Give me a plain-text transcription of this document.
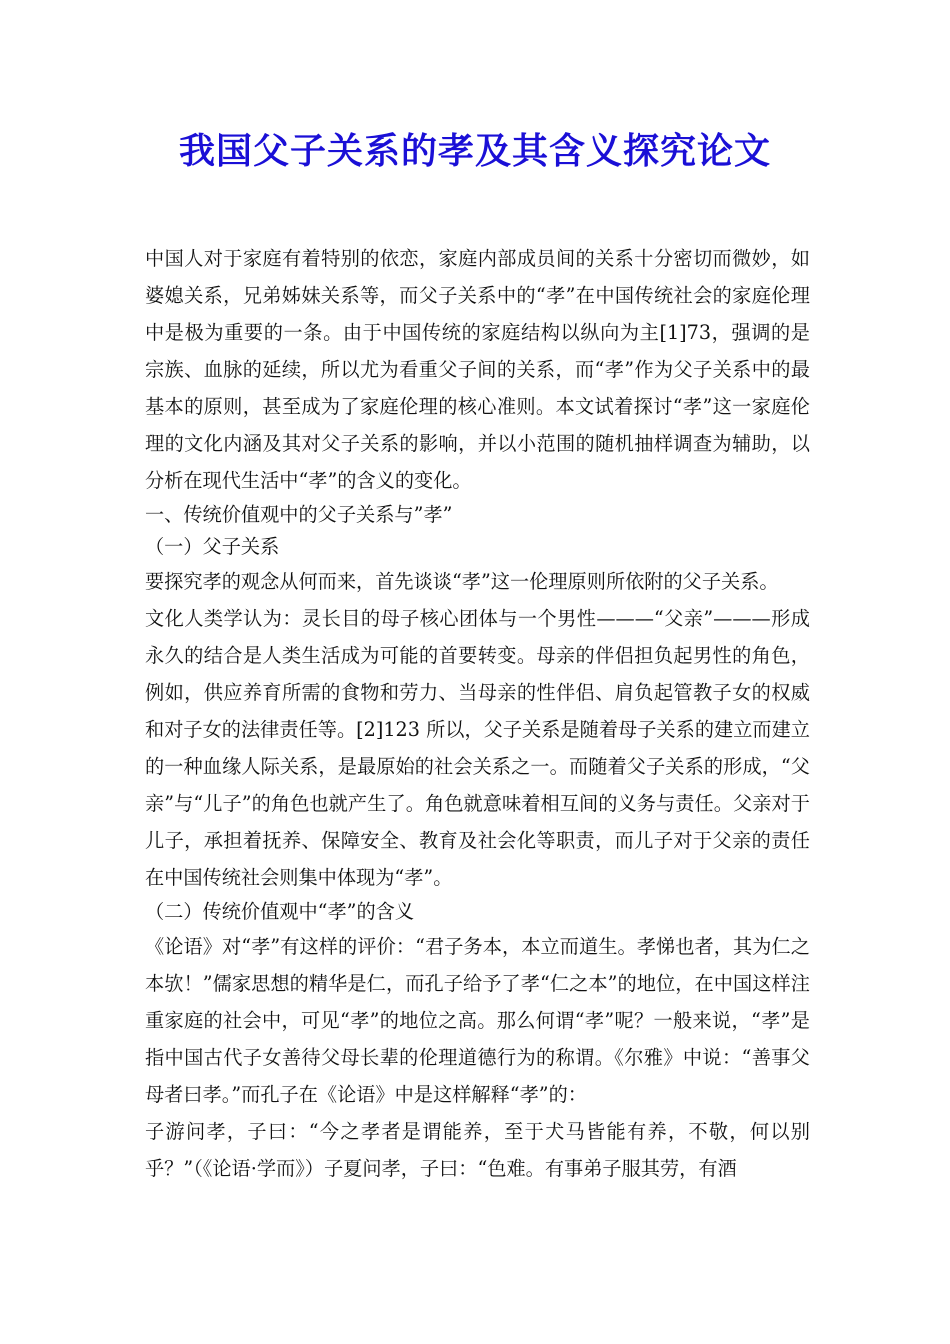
我国父子关系的孝及其含义探究论文

中国人对于家庭有着特别的依恋，家庭内部成员间的关系十分密切而微妙，如婆媳关系，兄弟姊妹关系等，而父子关系中的“孝”在中国传统社会的家庭伦理中是极为重要的一条。由于中国传统的家庭结构以纵向为主[1]73，强调的是宗族、血脉的延续，所以尤为看重父子间的关系，而“孝”作为父子关系中的最基本的原则，甚至成为了家庭伦理的核心准则。本文试着探讨“孝”这一家庭伦理的文化内涵及其对父子关系的影响，并以小范围的随机抽样调查为辅助，以分析在现代生活中“孝”的含义的变化。

一、传统价值观中的父子关系与”孝”

（一）父子关系

要探究孝的观念从何而来，首先谈谈“孝”这一伦理原则所依附的父子关系。

文化人类学认为：灵长目的母子核心团体与一个男性———“父亲”———形成永久的结合是人类生活成为可能的首要转变。母亲的伴侣担负起男性的角色，例如，供应养育所需的食物和劳力、当母亲的性伴侣、肩负起管教子女的权威和对子女的法律责任等。[2]123 所以，父子关系是随着母子关系的建立而建立的一种血缘人际关系，是最原始的社会关系之一。而随着父子关系的形成，“父亲”与“儿子”的角色也就产生了。角色就意味着相互间的义务与责任。父亲对于儿子，承担着抚养、保障安全、教育及社会化等职责，而儿子对于父亲的责任在中国传统社会则集中体现为“孝”。

（二）传统价值观中“孝”的含义

《论语》对“孝”有这样的评价：“君子务本，本立而道生。孝悌也者，其为仁之本欤！”儒家思想的精华是仁，而孔子给予了孝“仁之本”的地位，在中国这样注重家庭的社会中，可见“孝”的地位之高。那么何谓“孝”呢？一般来说，“孝”是指中国古代子女善待父母长辈的伦理道德行为的称谓。《尔雅》中说：“善事父母者曰孝。”而孔子在《论语》中是这样解释“孝”的：

子游问孝，子曰：“今之孝者是谓能养，至于犬马皆能有养，不敬，何以别乎？”（《论语·学而》）子夏问孝，子曰：“色难。有事弟子服其劳，有酒
